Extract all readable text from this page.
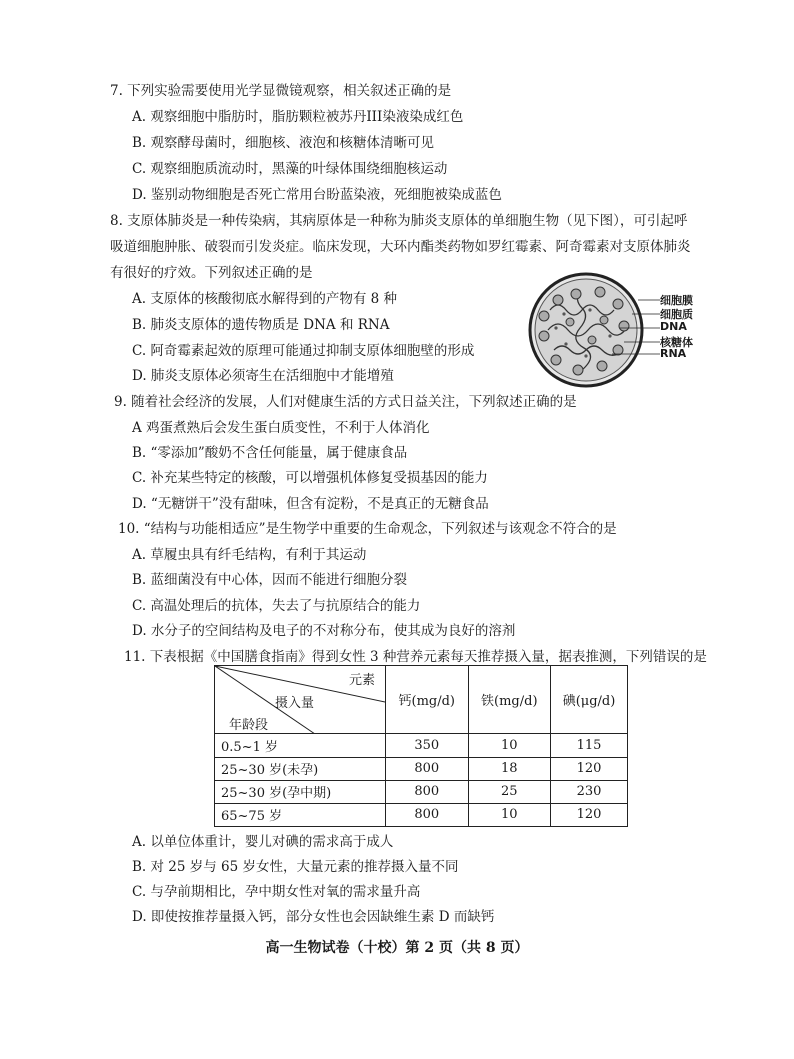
7. 下列实验需要使用光学显微镜观察，相关叙述正确的是
A. 观察细胞中脂肪时，脂肪颗粒被苏丹III染液染成红色
B. 观察酵母菌时，细胞核、液泡和核糖体清晰可见
C. 观察细胞质流动时，黑藻的叶绿体围绕细胞核运动
D. 鉴别动物细胞是否死亡常用台盼蓝染液，死细胞被染成蓝色
8. 支原体肺炎是一种传染病，其病原体是一种称为肺炎支原体的单细胞生物（见下图），可引起呼
吸道细胞肿胀、破裂而引发炎症。临床发现，大环内酯类药物如罗红霉素、阿奇霉素对支原体肺炎
有很好的疗效。下列叙述正确的是
A. 支原体的核酸彻底水解得到的产物有 8 种
B. 肺炎支原体的遗传物质是 DNA 和 RNA
C. 阿奇霉素起效的原理可能通过抑制支原体细胞壁的形成
D. 肺炎支原体必须寄生在活细胞中才能增殖
细胞膜
细胞质
DNA
核糖体
RNA
9. 随着社会经济的发展，人们对健康生活的方式日益关注，下列叙述正确的是
A 鸡蛋煮熟后会发生蛋白质变性，不利于人体消化
B. “零添加”酸奶不含任何能量，属于健康食品
C. 补充某些特定的核酸，可以增强机体修复受损基因的能力
D. “无糖饼干”没有甜味，但含有淀粉，不是真正的无糖食品
10. “结构与功能相适应”是生物学中重要的生命观念，下列叙述与该观念不符合的是
A. 草履虫具有纤毛结构，有利于其运动
B. 蓝细菌没有中心体，因而不能进行细胞分裂
C. 高温处理后的抗体，失去了与抗原结合的能力
D. 水分子的空间结构及电子的不对称分布，使其成为良好的溶剂
11. 下表根据《中国膳食指南》得到女性 3 种营养元素每天推荐摄入量，据表推测，下列错误的是
元素
摄入量
年龄段	钙(mg/d)	铁(mg/d)	碘(μg/d)
0.5~1 岁	350	10	115
25~30 岁(未孕)	800	18	120
25~30 岁(孕中期)	800	25	230
65~75 岁	800	10	120
A. 以单位体重计，婴儿对碘的需求高于成人
B. 对 25 岁与 65 岁女性，大量元素的推荐摄入量不同
C. 与孕前期相比，孕中期女性对氧的需求量升高
D. 即使按推荐量摄入钙，部分女性也会因缺维生素 D 而缺钙
高一生物试卷（十校）第 2 页（共 8 页）
